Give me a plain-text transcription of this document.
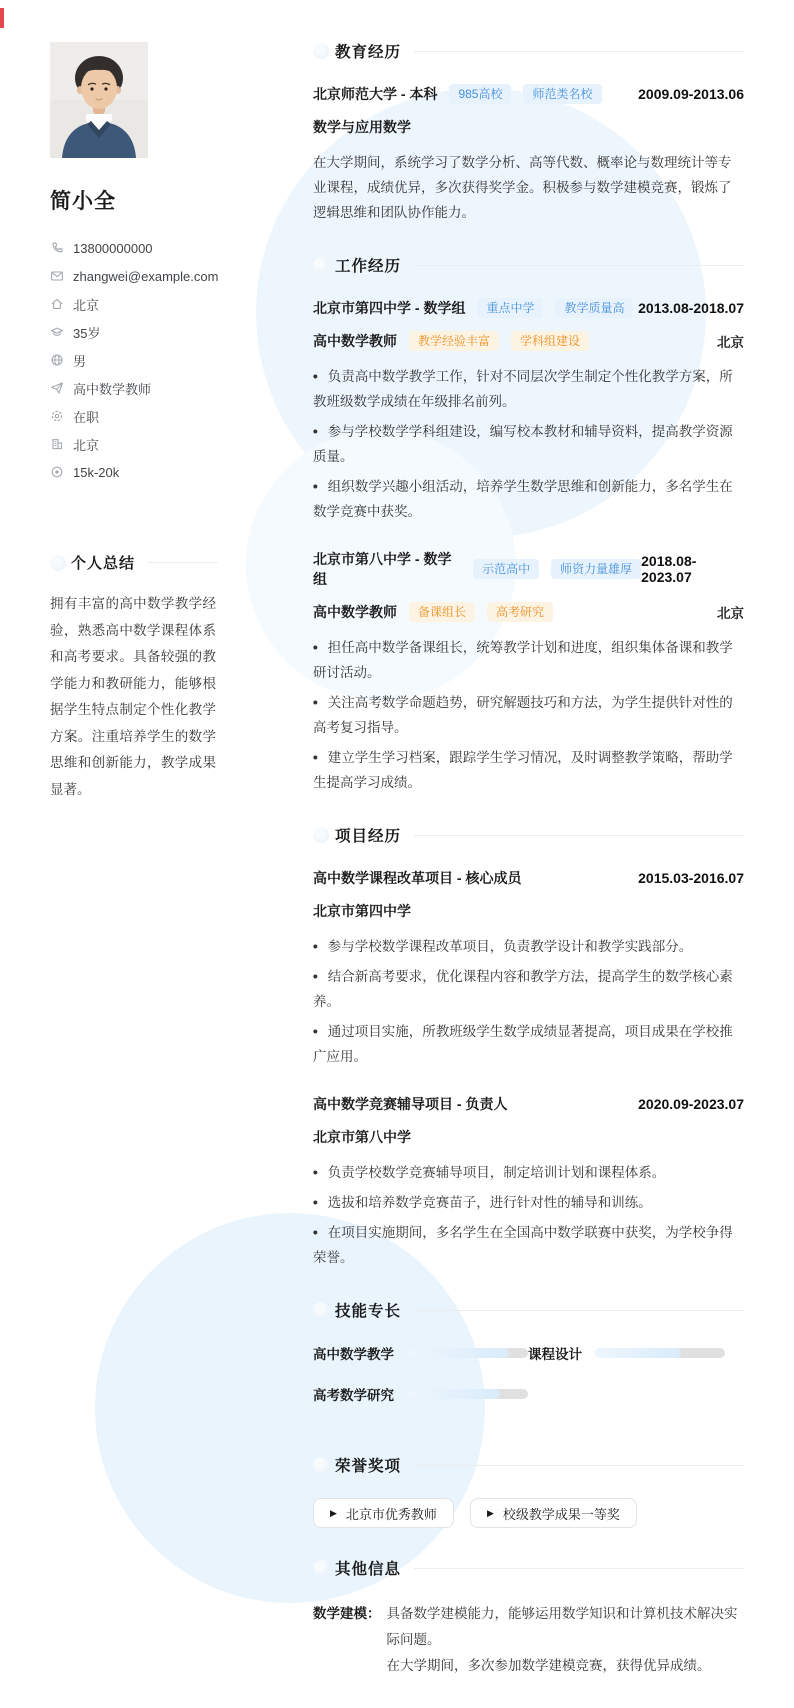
简小全
13800000000
zhangwei@example.com
北京
35岁
男
高中数学教师
在职
北京
15k-20k
个人总结

拥有丰富的高中数学教学经验，熟悉高中数学课程体系和高考要求。具备较强的教学能力和教研能力，能够根据学生特点制定个性化教学方案。注重培养学生的数学思维和创新能力，教学成果显著。

教育经历
北京师范大学 - 本科	985高校	师范类名校	2009.09-2013.06
数学与应用数学

在大学期间，系统学习了数学分析、高等代数、概率论与数理统计等专业课程，成绩优异，多次获得奖学金。积极参与数学建模竞赛，锻炼了逻辑思维和团队协作能力。

工作经历
北京市第四中学 - 数学组	重点中学	教学质量高 2013.08-2018.07
高中数学教师	教学经验丰富	学科组建设	北京

• 负责高中数学教学工作，针对不同层次学生制定个性化教学方案，所教班级数学成绩在年级排名前列。

• 参与学校数学学科组建设，编写校本教材和辅导资料，提高教学资源质量。

• 组织数学兴趣小组活动，培养学生数学思维和创新能力，多名学生在数学竞赛中获奖。

北京市第八中学 - 数学组
示范高中	师资力量雄厚 2018.08-2023.07
高中数学教师	备课组长	高考研究	北京

• 担任高中数学备课组长，统筹教学计划和进度，组织集体备课和教学研讨活动。

• 关注高考数学命题趋势，研究解题技巧和方法，为学生提供针对性的高考复习指导。

• 建立学生学习档案，跟踪学生学习情况，及时调整教学策略，帮助学生提高学习成绩。

项目经历
高中数学课程改革项目 - 核心成员	2015.03-2016.07
北京市第四中学

• 参与学校数学课程改革项目，负责教学设计和教学实践部分。

• 结合新高考要求，优化课程内容和教学方法，提高学生的数学核心素养。

• 通过项目实施，所教班级学生数学成绩显著提高，项目成果在学校推广应用。

高中数学竞赛辅导项目 - 负责人	2020.09-2023.07
北京市第八中学

• 负责学校数学竞赛辅导项目，制定培训计划和课程体系。

• 选拔和培养数学竞赛苗子，进行针对性的辅导和训练。

• 在项目实施期间，多名学生在全国高中数学联赛中获奖，为学校争得荣誉。

技能专长
高中数学教学	课程设计
高考数学研究
荣誉奖项
▶ 北京市优秀教师	▶ 校级教学成果一等奖
其他信息
数学建模： 具备数学建模能力，能够运用数学知识和计算机技术解决实际问题。
在大学期间，多次参加数学建模竞赛，获得优异成绩。
